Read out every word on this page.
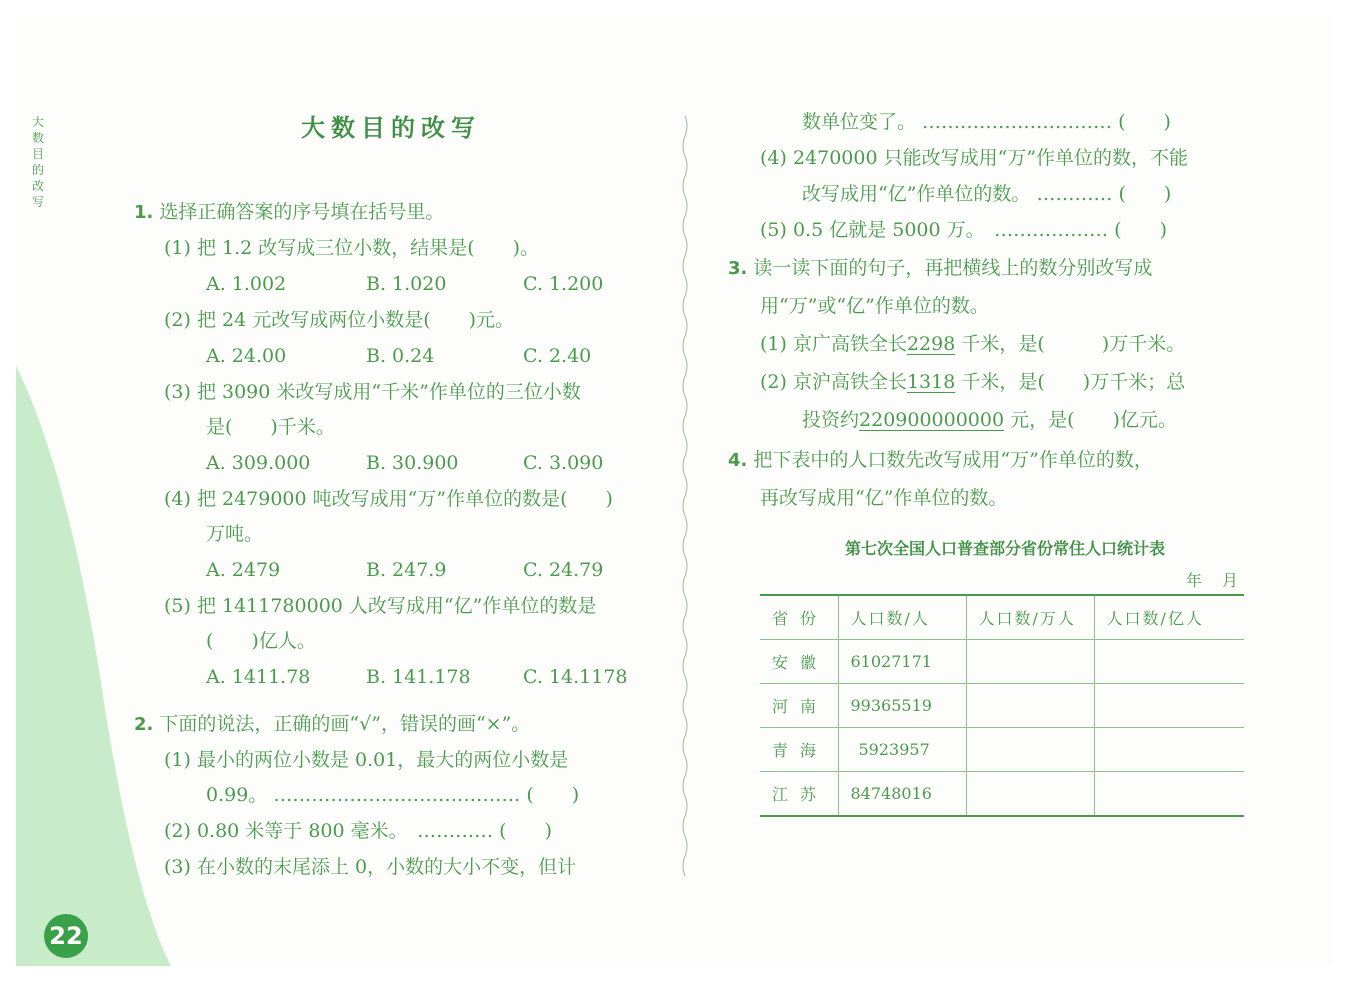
大数目的改写
22
大数目的改写
1. 选择正确答案的序号填在括号里。
(1) 把 1.2 改写成三位小数，结果是(　　)。
A. 1.002	B. 1.020	C. 1.200
(2) 把 24 元改写成两位小数是(　　)元。
A. 24.00	B. 0.24	C. 2.40
(3) 把 3090 米改写成用“千米”作单位的三位小数
是(　　)千米。
A. 309.000	B. 30.900	C. 3.090
(4) 把 2479000 吨改写成用“万”作单位的数是(　　)
万吨。
A. 2479	B. 247.9	C. 24.79
(5) 把 1411780000 人改写成用“亿”作单位的数是
(　　)亿人。
A. 1411.78	B. 141.178	C. 14.1178
2. 下面的说法，正确的画“√”，错误的画“×”。
(1) 最小的两位小数是 0.01，最大的两位小数是
0.99。 ………………………………… (　　)
(2) 0.80 米等于 800 毫米。　………… (　　)
(3) 在小数的末尾添上 0，小数的大小不变，但计
数单位变了。 ………………………… (　　)
(4) 2470000 只能改写成用“万”作单位的数，不能
改写成用“亿”作单位的数。 ………… (　　)
(5) 0.5 亿就是 5000 万。　……………… (　　)
3. 读一读下面的句子，再把横线上的数分别改写成
用“万”或“亿”作单位的数。
(1) 京广高铁全长2298 千米，是(　　　)万千米。
(2) 京沪高铁全长1318 千米，是(　　)万千米；总
投资约220900000000 元，是(　　)亿元。
4. 把下表中的人口数先改写成用“万”作单位的数，
再改写成用“亿”作单位的数。
第七次全国人口普查部分省份常住人口统计表
年　月
省份	人口数/人	人口数/万人	人口数/亿人
安徽	61027171		
河南	99365519		
青海	5923957		
江苏	84748016		
